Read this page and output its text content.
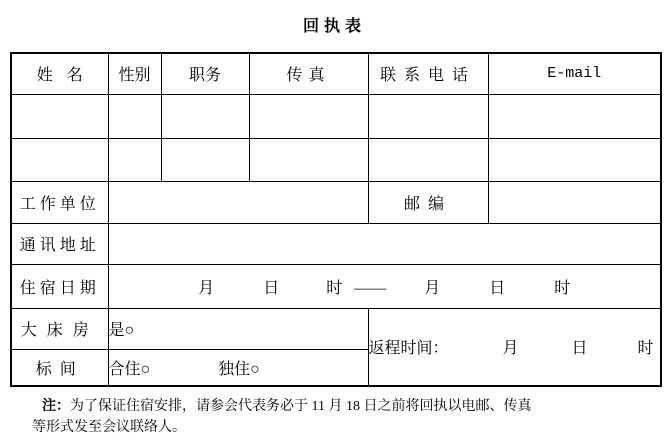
回执表
姓 名	性别	职务	传真	联系电话	E-mail

工作单位				邮编	
通讯地址					
住宿日期	月 日 时 —— 月 日 时				
大床房	是○			返程时间： 月 日 时	
标间	合住○ 独住○				
注：为了保证住宿安排，请参会代表务必于 11 月 18 日之前将回执以电邮、传真
等形式发至会议联络人。
